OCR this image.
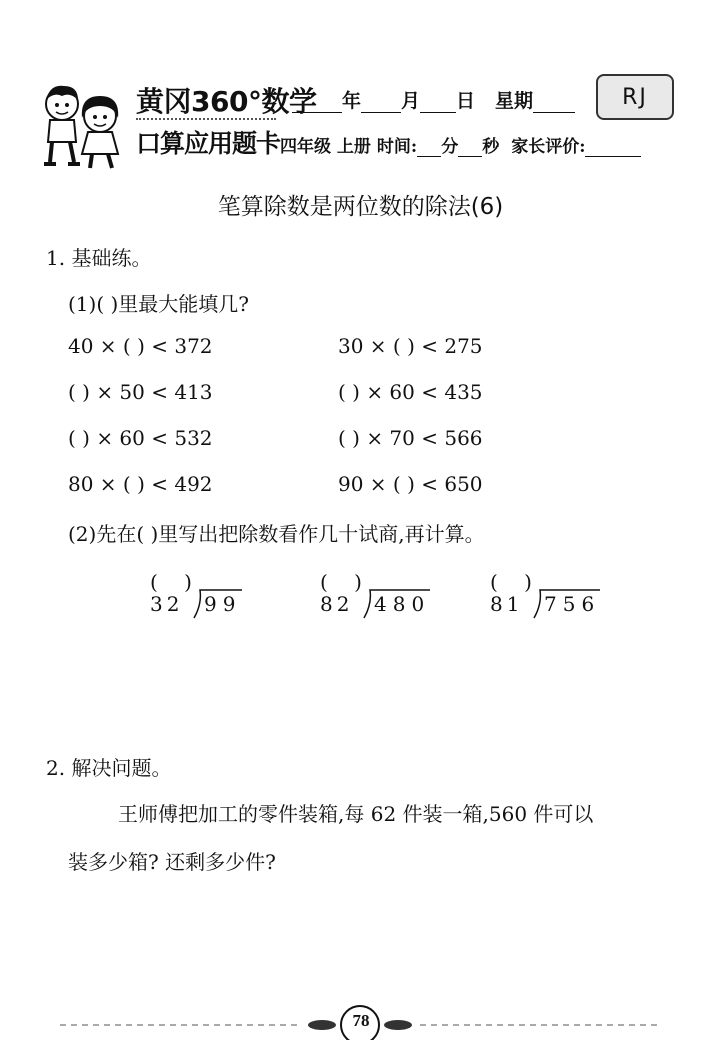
黄冈360°数学
口算应用题卡
年 月 日 星期	RJ
四年级 上册 时间: 分 秒 家长评价:
笔算除数是两位数的除法(6)
1. 基础练。
(1)( )里最大能填几?
40 × ( ) < 372	30 × ( ) < 275
( ) × 50 < 413	( ) × 60 < 435
( ) × 60 < 532	( ) × 70 < 566
80 × ( ) < 492	90 × ( ) < 650
(2)先在( )里写出把除数看作几十试商,再计算。
( )
32 99
( )
82 480
( )
81 756
2. 解决问题。
王师傅把加工的零件装箱,每 62 件装一箱,560 件可以
装多少箱? 还剩多少件?
78
